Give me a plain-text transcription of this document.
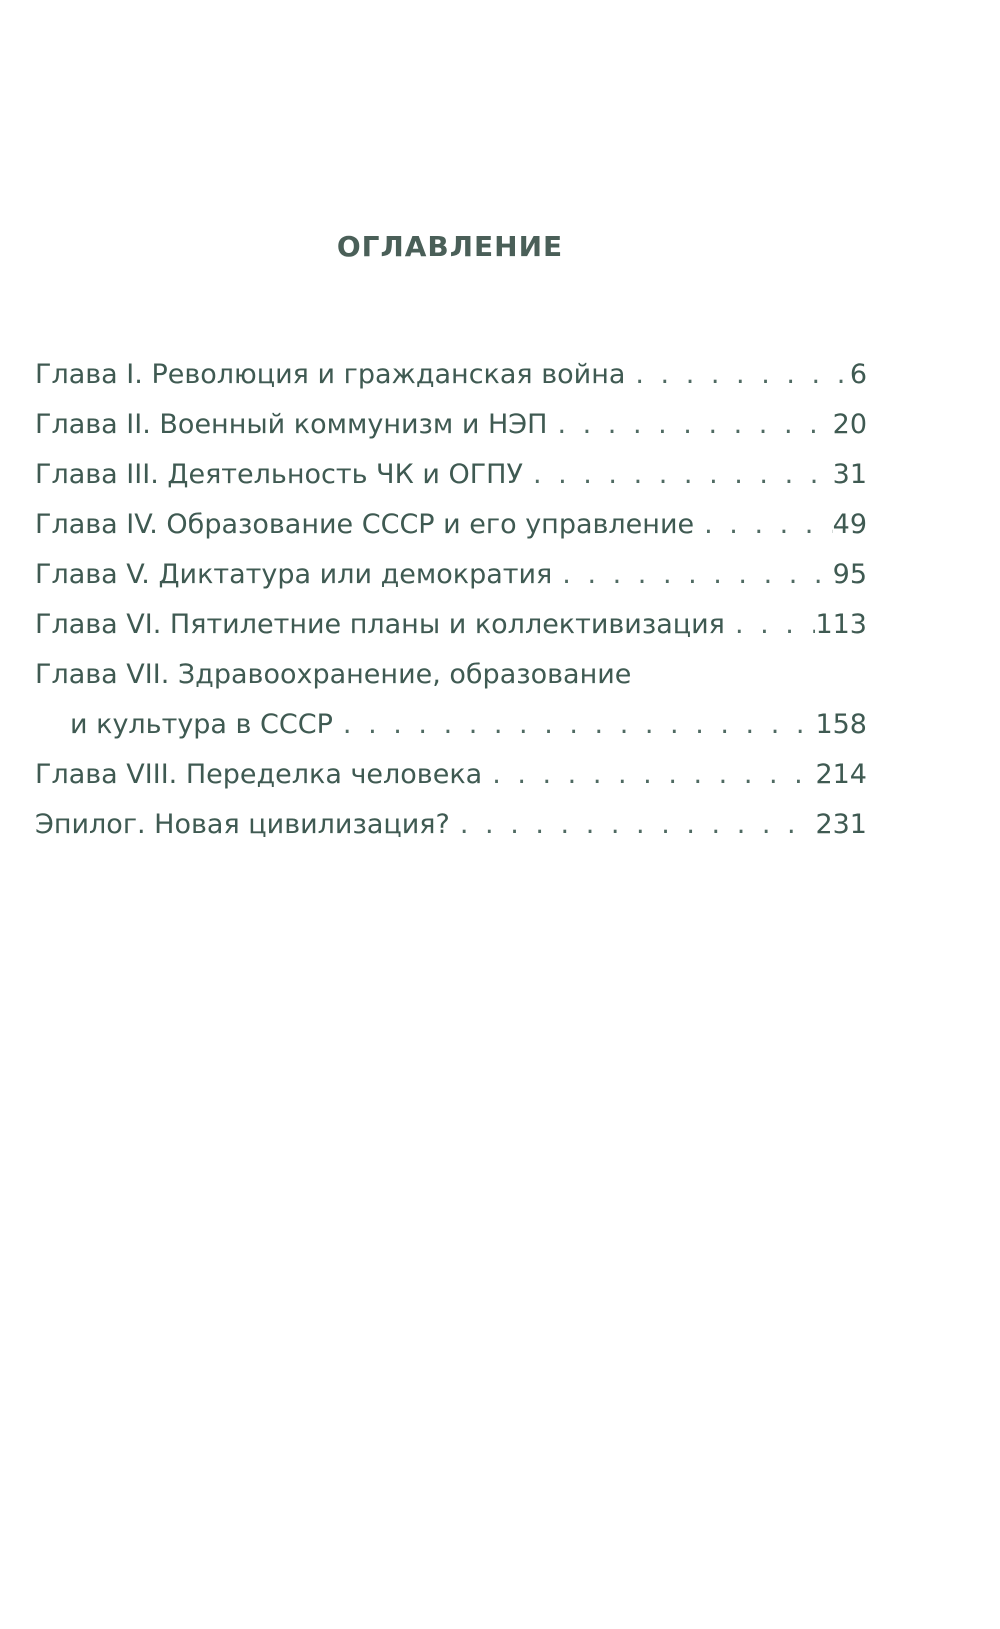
ОГЛАВЛЕНИЕ
Глава I. Революция и гражданская война . . .	6
Глава II. Военный коммунизм и НЭП . . .	20
Глава III. Деятельность ЧК и ОГПУ . . .	31
Глава IV. Образование СССР и его управление . . .	49
Глава V. Диктатура или демократия . . .	95
Глава VI. Пятилетние планы и коллективизация . . .	113
Глава VII. Здравоохранение, образование
и культура в СССР . . .	158
Глава VIII. Переделка человека . . .	214
Эпилог. Новая цивилизация? . . .	231
